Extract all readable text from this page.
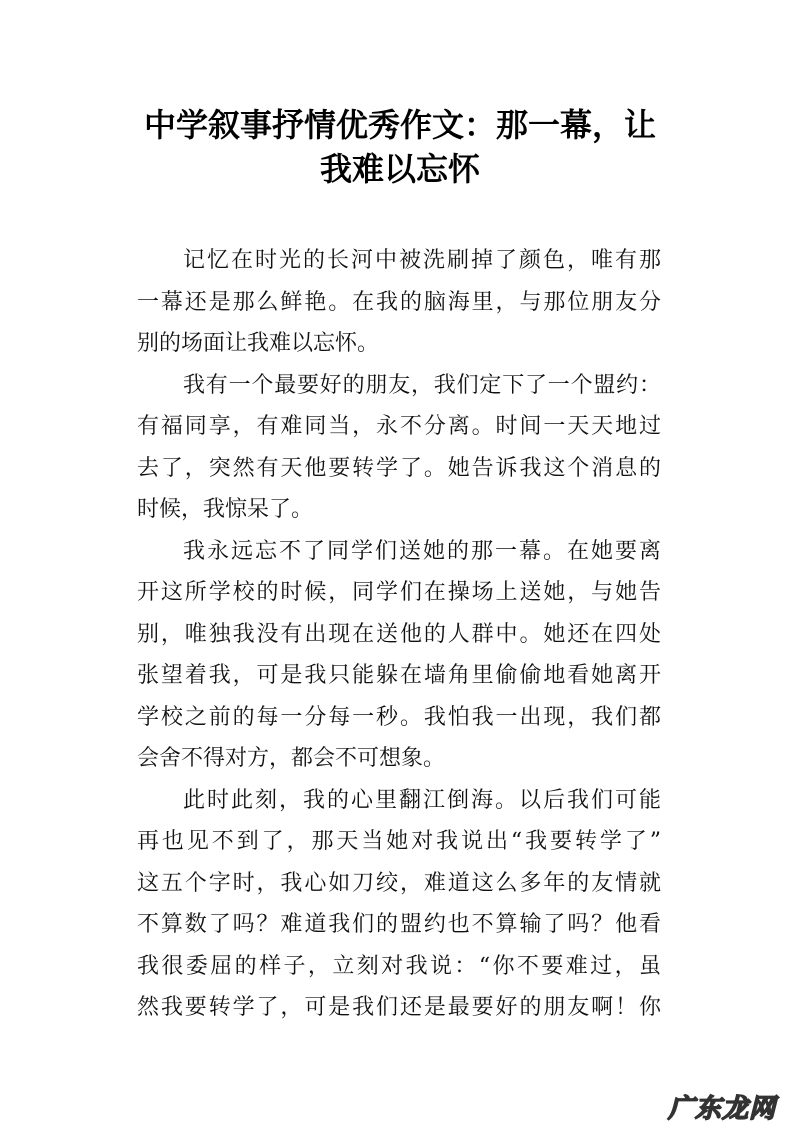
中学叙事抒情优秀作文：那一幕，让
我难以忘怀
记忆在时光的长河中被洗刷掉了颜色，唯有那
一幕还是那么鲜艳。在我的脑海里，与那位朋友分
别的场面让我难以忘怀。
我有一个最要好的朋友，我们定下了一个盟约：
有福同享，有难同当，永不分离。时间一天天地过
去了，突然有天他要转学了。她告诉我这个消息的
时候，我惊呆了。
我永远忘不了同学们送她的那一幕。在她要离
开这所学校的时候，同学们在操场上送她，与她告
别，唯独我没有出现在送他的人群中。她还在四处
张望着我，可是我只能躲在墙角里偷偷地看她离开
学校之前的每一分每一秒。我怕我一出现，我们都
会舍不得对方，都会不可想象。
此时此刻，我的心里翻江倒海。以后我们可能
再也见不到了，那天当她对我说出“我要转学了”
这五个字时，我心如刀绞，难道这么多年的友情就
不算数了吗？难道我们的盟约也不算输了吗？他看
我很委屈的样子，立刻对我说：“你不要难过，虽
然我要转学了，可是我们还是最要好的朋友啊！你
广东龙网
